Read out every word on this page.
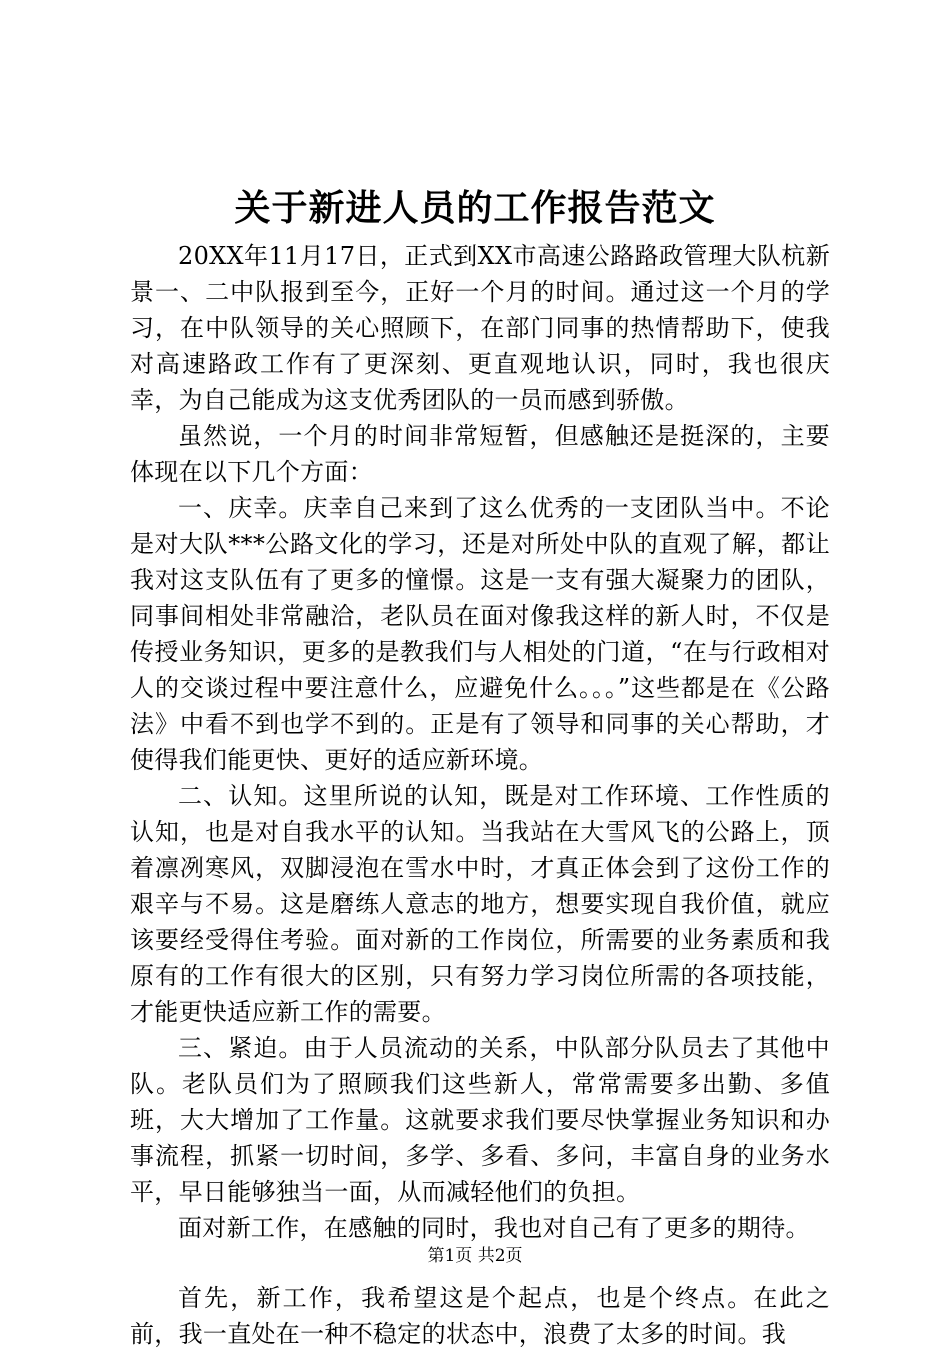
关于新进人员的工作报告范文

20XX年11月17日，正式到XX市高速公路路政管理大队杭新景一、二中队报到至今，正好一个月的时间。通过这一个月的学习，在中队领导的关心照顾下，在部门同事的热情帮助下，使我对高速路政工作有了更深刻、更直观地认识，同时，我也很庆幸，为自己能成为这支优秀团队的一员而感到骄傲。

虽然说，一个月的时间非常短暂，但感触还是挺深的，主要体现在以下几个方面：

一、庆幸。庆幸自己来到了这么优秀的一支团队当中。不论是对大队***公路文化的学习，还是对所处中队的直观了解，都让我对这支队伍有了更多的憧憬。这是一支有强大凝聚力的团队，同事间相处非常融洽，老队员在面对像我这样的新人时，不仅是传授业务知识，更多的是教我们与人相处的门道，“在与行政相对人的交谈过程中要注意什么，应避免什么。。。”这些都是在《公路法》中看不到也学不到的。正是有了领导和同事的关心帮助，才使得我们能更快、更好的适应新环境。

二、认知。这里所说的认知，既是对工作环境、工作性质的认知，也是对自我水平的认知。当我站在大雪风飞的公路上，顶着凛冽寒风，双脚浸泡在雪水中时，才真正体会到了这份工作的艰辛与不易。这是磨练人意志的地方，想要实现自我价值，就应该要经受得住考验。面对新的工作岗位，所需要的业务素质和我原有的工作有很大的区别，只有努力学习岗位所需的各项技能，才能更快适应新工作的需要。

三、紧迫。由于人员流动的关系，中队部分队员去了其他中队。老队员们为了照顾我们这些新人，常常需要多出勤、多值班，大大增加了工作量。这就要求我们要尽快掌握业务知识和办事流程，抓紧一切时间，多学、多看、多问，丰富自身的业务水平，早日能够独当一面，从而减轻他们的负担。

面对新工作，在感触的同时，我也对自己有了更多的期待。

首先，新工作，我希望这是个起点，也是个终点。在此之前，我一直处在一种不稳定的状态中，浪费了太多的时间。我

第1页 共2页
